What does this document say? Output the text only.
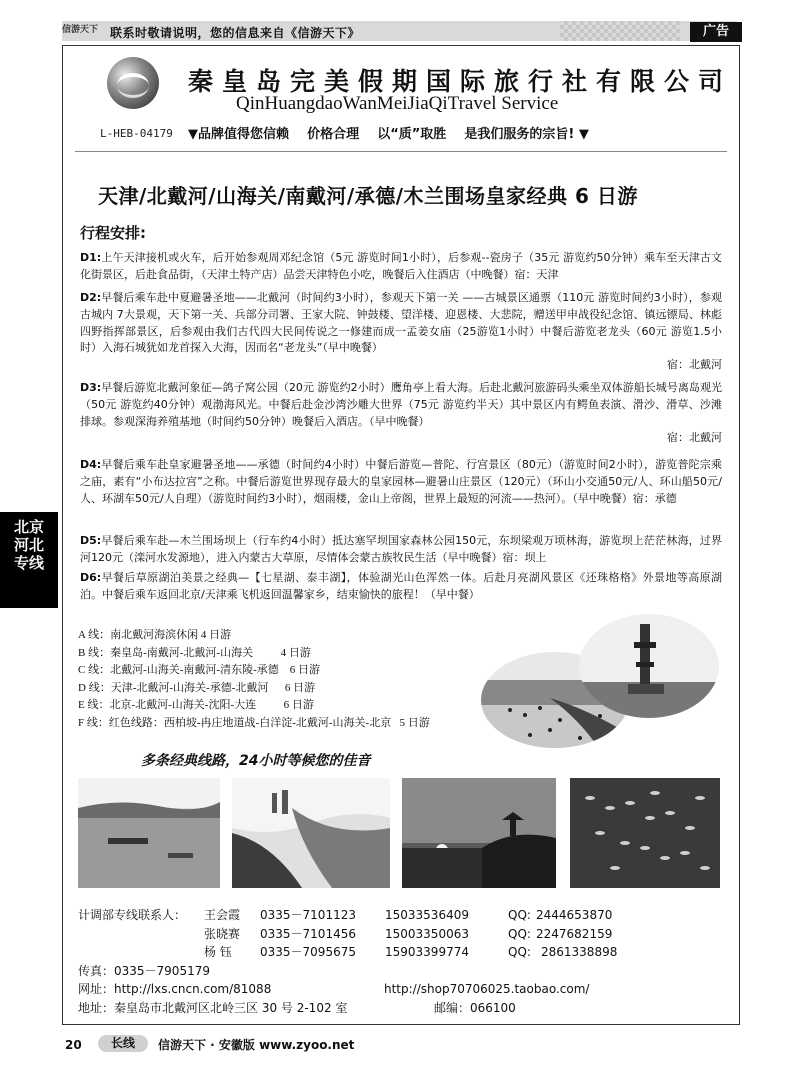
信游天下 联系时敬请说明，您的信息来自《信游天下》	广告
北京
河北
专线
秦皇岛完美假期国际旅行社有限公司
QinHuangdaoWanMeiJiaQiTravel Service
L-HEB-04179 ▼品牌值得您信赖    价格合理    以“质”取胜    是我们服务的宗旨! ▼
天津/北戴河/山海关/南戴河/承德/木兰围场皇家经典 6 日游
行程安排:
D1:上午天津接机或火车，后开始参观周邓纪念馆（5元 游览时间1小时），后参观--瓷房子（35元 游览约50分钟）乘车至天津古文化街景区，后赴食品街，（天津土特产店）品尝天津特色小吃，晚餐后入住酒店（中晚餐）宿：天津
D2:早餐后乘车赴中夏避暑圣地——北戴河（时间约3小时），参观天下第一关 ——古城景区通票（110元 游览时间约3小时），参观古城内 7大景观，天下第一关、兵部分司署、王家大院、钟鼓楼、望洋楼、迎恩楼、大悲院，赠送甲申战役纪念馆、镇远镖局、林彪四野指挥部景区，后参观由我们古代四大民间传说之一修建而成一孟姜女庙（25游览1小时）中餐后游览老龙头（60元 游览1.5小时）入海石城犹如龙首探入大海，因而名“老龙头”（早中晚餐）
宿：北戴河
D3:早餐后游览北戴河象征—鸽子窝公园（20元 游览约2小时）鹰角亭上看大海。后赴北戴河旅游码头乘坐双体游船长城号离岛观光（50元 游览约40分钟）观渤海风光。中餐后赴金沙湾沙雕大世界（75元 游览约半天）其中景区内有鳄鱼表演、滑沙、滑草、沙滩排球。参观深海养殖基地（时间约50分钟）晚餐后入酒店。（早中晚餐）
宿：北戴河
D4:早餐后乘车赴皇家避暑圣地——承德（时间约4小时）中餐后游览—普陀、行宫景区（80元）（游览时间2小时），游览普陀宗乘之庙，素有“小布达拉宫”之称。中餐后游览世界现存最大的皇家园林—避暑山庄景区（120元）（环山小交通50元/人、环山船50元/人、环湖车50元/人自理）（游览时间约3小时），烟雨楼，金山上帝阁，世界上最短的河流——热河）。（早中晚餐）宿：承德
D5:早餐后乘车赴—木兰围场坝上（行车约4小时）抵达塞罕坝国家森林公园150元，东坝梁观万顷林海，游览坝上茫茫林海，过界河120元（滦河水发源地），进入内蒙古大草原，尽情体会蒙古族牧民生活（早中晚餐）宿：坝上
D6:早餐后草原湖泊美景之经典—【七星湖、泰丰湖】，体验湖光山色浑然一体。后赴月亮湖风景区《还珠格格》外景地等高原湖泊。中餐后乘车返回北京/天津乘飞机返回温馨家乡，结束愉快的旅程！（早中餐）
A 线：南北戴河海滨休闲 4 日游
B 线：秦皇岛-南戴河-北戴河-山海关	4 日游
C 线：北戴河-山海关-南戴河-清东陵-承德 6 日游
D 线：天津-北戴河-山海关-承德-北戴河 6 日游
E 线：北京-北戴河-山海关-沈阳-大连	6 日游
F 线：红色线路：西柏坡-冉庄地道战-白洋淀-北戴河-山海关-北京 5 日游
多条经典线路，24小时等候您的佳音
计调部专线联系人： 王会霞 0335－7101123 15033536409	QQ: 2444653870
张晓赛 0335－7101456 15003350063	QQ: 2247682159
杨 钰 0335－7095675 15903399774	QQ: 2861338898
传真：0335－7905179
网址：http://lxs.cncn.com/81088	http://shop70706025.taobao.com/
地址：秦皇岛市北戴河区北岭三区 30 号 2-102 室	邮编：066100
20	长线	信游天下 · 安徽版 www.zyoo.net
